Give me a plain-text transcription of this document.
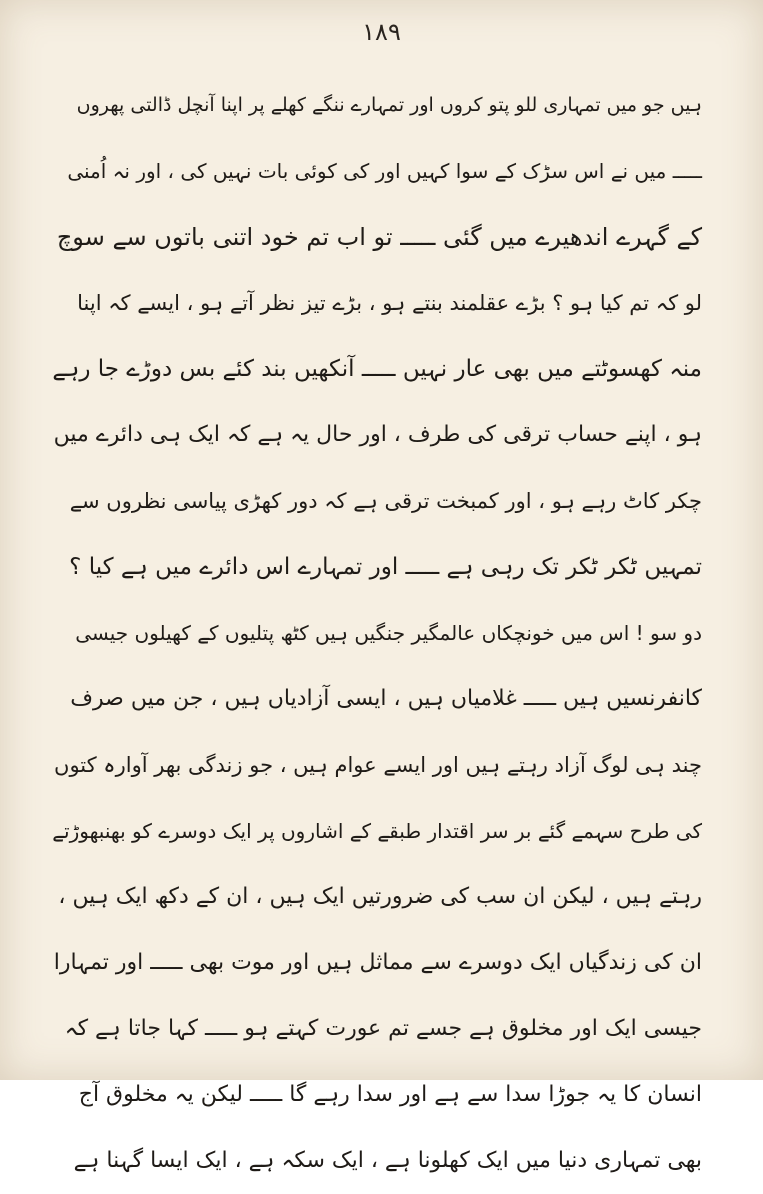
١٨٩
ہیں جو میں تمہاری للو پتو کروں اور تمہارے ننگے کھلے پر اپنا آنچل ڈالتی پھروں
ـــــ میں نے اس سڑک کے سوا کہیں اور کی کوئی بات نہیں کی ، اور نہ اُمنی
کے گہرے اندھیرے میں گئی ـــــ تو اب تم خود اتنی باتوں سے سوچ
لو کہ تم کیا ہو ؟ بڑے عقلمند بنتے ہو ، بڑے تیز نظر آتے ہو ، ایسے کہ اپنا
منہ کھسوٹتے میں بھی عار نہیں ـــــ آنکھیں بند کئے بس دوڑے جا رہے
ہو ، اپنے حساب ترقی کی طرف ، اور حال یہ ہے کہ ایک ہی دائرے میں
چکر کاٹ رہے ہو ، اور کمبخت ترقی ہے کہ دور کھڑی پیاسی نظروں سے
تمہیں ٹکر ٹکر تک رہی ہے ـــــ اور تمہارے اس دائرے میں ہے کیا ؟
دو سو ! اس میں خونچکاں عالمگیر جنگیں ہیں کٹھ پتلیوں کے کھیلوں جیسی
کانفرنسیں ہیں ـــــ غلامیاں ہیں ، ایسی آزادیاں ہیں ، جن میں صرف
چند ہی لوگ آزاد رہتے ہیں اور ایسے عوام ہیں ، جو زندگی بھر آوارہ کتوں
کی طرح سہمے گئے بر سر اقتدار طبقے کے اشاروں پر ایک دوسرے کو بھنبھوڑتے
رہتے ہیں ، لیکن ان سب کی ضرورتیں ایک ہیں ، ان کے دکھ ایک ہیں ،
ان کی زندگیاں ایک دوسرے سے مماثل ہیں اور موت بھی ـــــ اور تمہارا
جیسی ایک اور مخلوق ہے جسے تم عورت کہتے ہو ـــــ کہا جاتا ہے کہ
انسان کا یہ جوڑا سدا سے ہے اور سدا رہے گا ـــــ لیکن یہ مخلوق آج
بھی تمہاری دنیا میں ایک کھلونا ہے ، ایک سکہ ہے ، ایک ایسا گہنا ہے
